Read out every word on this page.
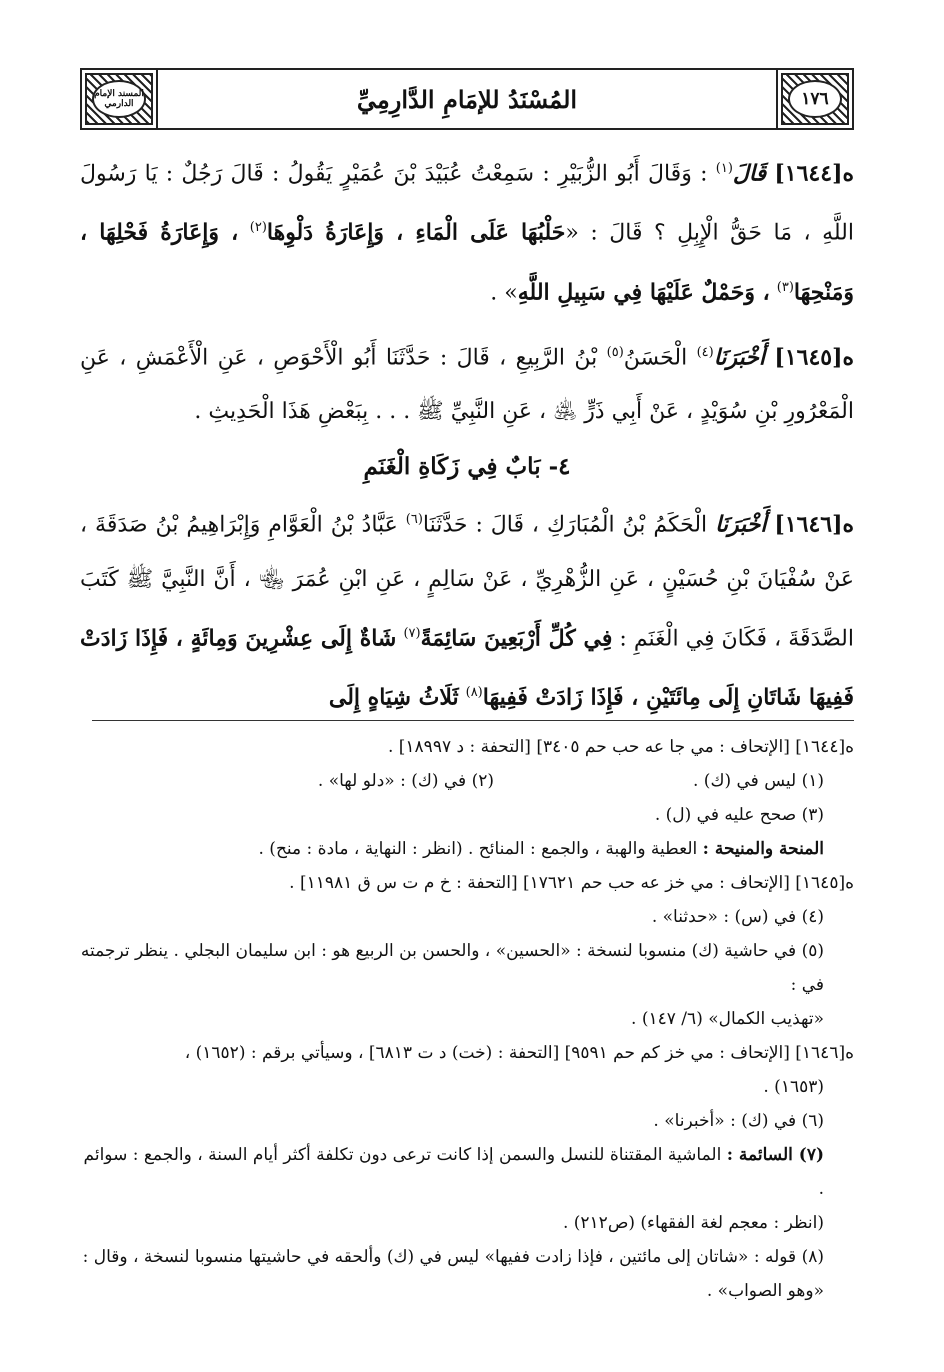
١٧٦
المُسْنَدُ للإمَامِ الدَّارِمِيِّ
المسند الإمام الدارمي

ه[١٦٤٤] قَالَ$^{(١)}$ : وَقَالَ أَبُو الزُّبَيْرِ : سَمِعْتُ عُبَيْدَ بْنَ عُمَيْرٍ يَقُولُ : قَالَ رَجُلٌ : يَا رَسُولَ اللَّهِ ، مَا حَقُّ الْإِبِلِ ؟ قَالَ : «حَلْبُهَا عَلَى الْمَاءِ ، وَإِعَارَةُ دَلْوِهَا$^{(٢)}$ ، وَإِعَارَةُ فَحْلِهَا ، وَمَنْحِهَا$^{(٣)}$ ، وَحَمْلٌ عَلَيْهَا فِي سَبِيلِ اللَّهِ» .

ه[١٦٤٥] أَخْبَرَنَا$^{(٤)}$ الْحَسَنُ$^{(٥)}$ بْنُ الرَّبِيعِ ، قَالَ : حَدَّثَنَا أَبُو الْأَحْوَصِ ، عَنِ الْأَعْمَشِ ، عَنِ الْمَعْرُورِ بْنِ سُوَيْدٍ ، عَنْ أَبِي ذَرٍّ ﵁ ، عَنِ النَّبِيِّ ﷺ . . . بِبَعْضِ هَذَا الْحَدِيثِ .

٤- بَابٌ فِي زَكَاةِ الْغَنَمِ

ه[١٦٤٦] أَخْبَرَنَا الْحَكَمُ بْنُ الْمُبَارَكِ ، قَالَ : حَدَّثَنَا$^{(٦)}$ عَبَّادُ بْنُ الْعَوَّامِ وَإِبْرَاهِيمُ بْنُ صَدَقَةَ ، عَنْ سُفْيَانَ بْنِ حُسَيْنٍ ، عَنِ الزُّهْرِيِّ ، عَنْ سَالِمٍ ، عَنِ ابْنِ عُمَرَ ﵄ ، أَنَّ النَّبِيَّ ﷺ كَتَبَ الصَّدَقَةَ ، فَكَانَ فِي الْغَنَمِ : فِي كُلِّ أَرْبَعِينَ سَائِمَةً$^{(٧)}$ شَاةٌ إِلَى عِشْرِينَ وَمِائَةٍ ، فَإِذَا زَادَتْ فَفِيهَا شَاتَانِ إِلَى مِائَتَيْنِ ، فَإِذَا زَادَتْ فَفِيهَا$^{(٨)}$ ثَلَاثُ شِيَاهٍ إِلَى

ه[١٦٤٤] [الإتحاف : مي جا عه حب حم ٣٤٠٥] [التحفة : د ١٨٩٩٧] .

(١) ليس في (ك) .
(٢) في (ك) : «دلو لها» .

(٣) صحح عليه في (ل) .

المنحة والمنيحة : العطية والهبة ، والجمع : المنائح . (انظر : النهاية ، مادة : منح) .

ه[١٦٤٥] [الإتحاف : مي خز عه حب حم ١٧٦٢١] [التحفة : خ م ت س ق ١١٩٨١] .

(٤) في (س) : «حدثنا» .

(٥) في حاشية (ك) منسوبا لنسخة : «الحسين» ، والحسن بن الربيع هو : ابن سليمان البجلي . ينظر ترجمته في :

«تهذيب الكمال» (٦/ ١٤٧) .

ه[١٦٤٦] [الإتحاف : مي خز كم حم ٩٥٩١] [التحفة : (خت) د ت ٦٨١٣] ، وسيأتي برقم : (١٦٥٢) ،

(١٦٥٣) .

(٦) في (ك) : «أخبرنا» .

(٧) السائمة : الماشية المقتناة للنسل والسمن إذا كانت ترعى دون تكلفة أكثر أيام السنة ، والجمع : سوائم .

(انظر : معجم لغة الفقهاء) (ص٢١٢) .

(٨) قوله : «شاتان إلى مائتين ، فإذا زادت ففيها» ليس في (ك) وألحقه في حاشيتها منسوبا لنسخة ، وقال :

«وهو الصواب» .
